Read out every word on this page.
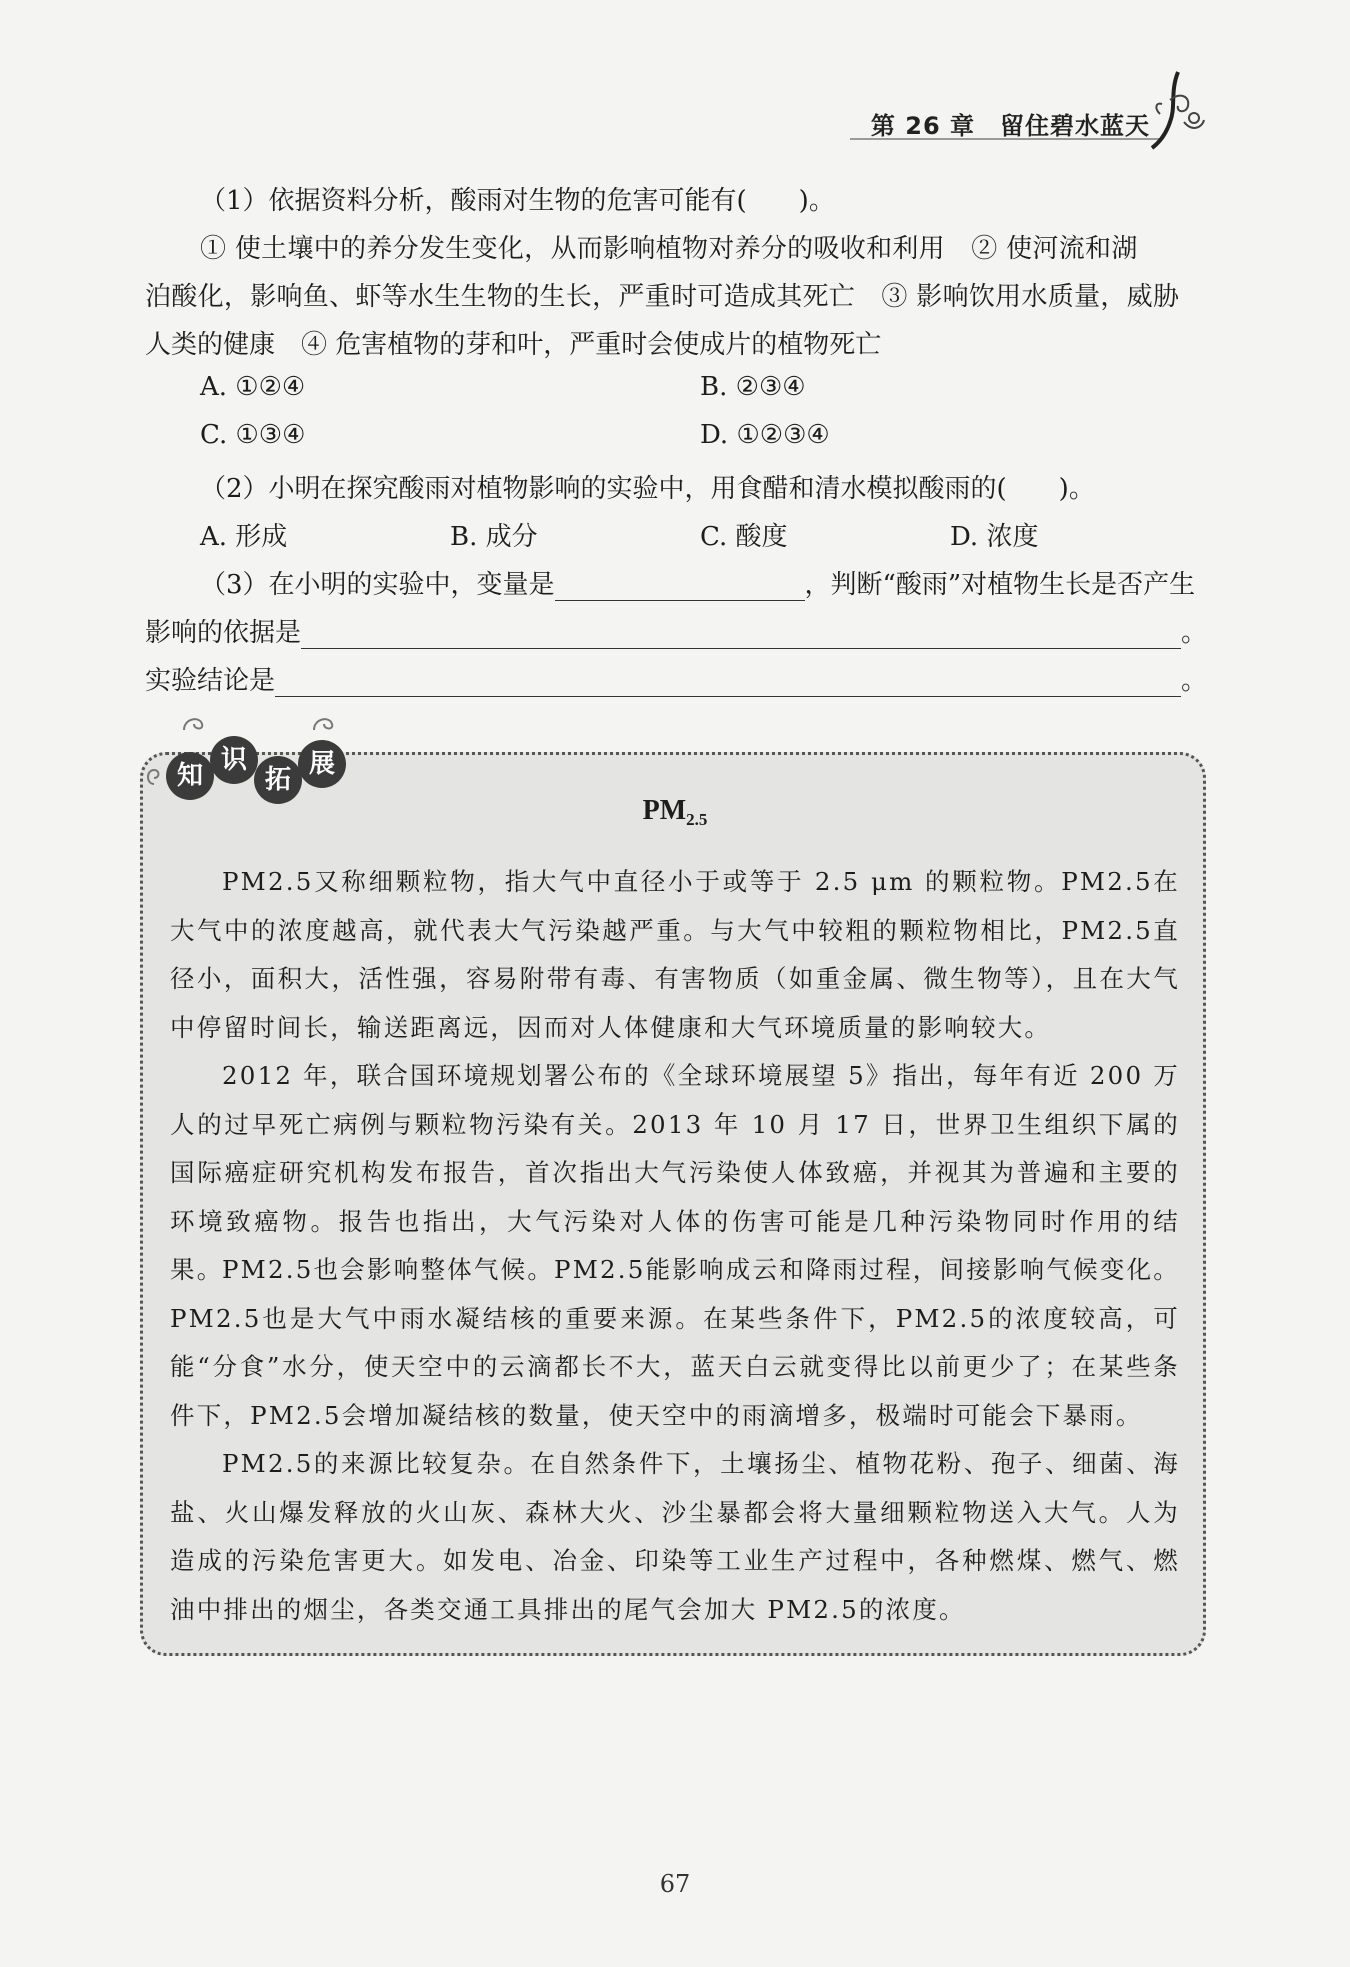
第 26 章　留住碧水蓝天
（1）依据资料分析，酸雨对生物的危害可能有(　　)。
① 使土壤中的养分发生变化，从而影响植物对养分的吸收和利用　② 使河流和湖
泊酸化，影响鱼、虾等水生生物的生长，严重时可造成其死亡　③ 影响饮用水质量，威胁
人类的健康　④ 危害植物的芽和叶，严重时会使成片的植物死亡
A. ①②④	B. ②③④
C. ①③④	D. ①②③④
（2）小明在探究酸雨对植物影响的实验中，用食醋和清水模拟酸雨的(　　)。
A. 形成	B. 成分	C. 酸度	D. 浓度
（3）在小明的实验中，变量是	，判断“酸雨”对植物生长是否产生
影响的依据是	。
实验结论是	。
知
识
拓
展
$PM_{2.5}$
PM2.5又称细颗粒物，指大气中直径小于或等于 2.5 μm 的颗粒物。PM2.5在大气中的浓度越高，就代表大气污染越严重。与大气中较粗的颗粒物相比，PM2.5直径小，面积大，活性强，容易附带有毒、有害物质（如重金属、微生物等），且在大气中停留时间长，输送距离远，因而对人体健康和大气环境质量的影响较大。
2012 年，联合国环境规划署公布的《全球环境展望 5》指出，每年有近 200 万人的过早死亡病例与颗粒物污染有关。2013 年 10 月 17 日，世界卫生组织下属的国际癌症研究机构发布报告，首次指出大气污染使人体致癌，并视其为普遍和主要的环境致癌物。报告也指出，大气污染对人体的伤害可能是几种污染物同时作用的结果。
PM2.5也会影响整体气候。PM2.5能影响成云和降雨过程，间接影响气候变化。PM2.5也是大气中雨水凝结核的重要来源。在某些条件下，PM2.5的浓度较高，可能“分食”水分，使天空中的云滴都长不大，蓝天白云就变得比以前更少了；在某些条件下，PM2.5会增加凝结核的数量，使天空中的雨滴增多，极端时可能会下暴雨。
PM2.5的来源比较复杂。在自然条件下，土壤扬尘、植物花粉、孢子、细菌、海盐、火山爆发释放的火山灰、森林大火、沙尘暴都会将大量细颗粒物送入大气。人为造成的污染危害更大。如发电、冶金、印染等工业生产过程中，各种燃煤、燃气、燃油中排出的烟尘，各类交通工具排出的尾气会加大 PM2.5的浓度。
67
